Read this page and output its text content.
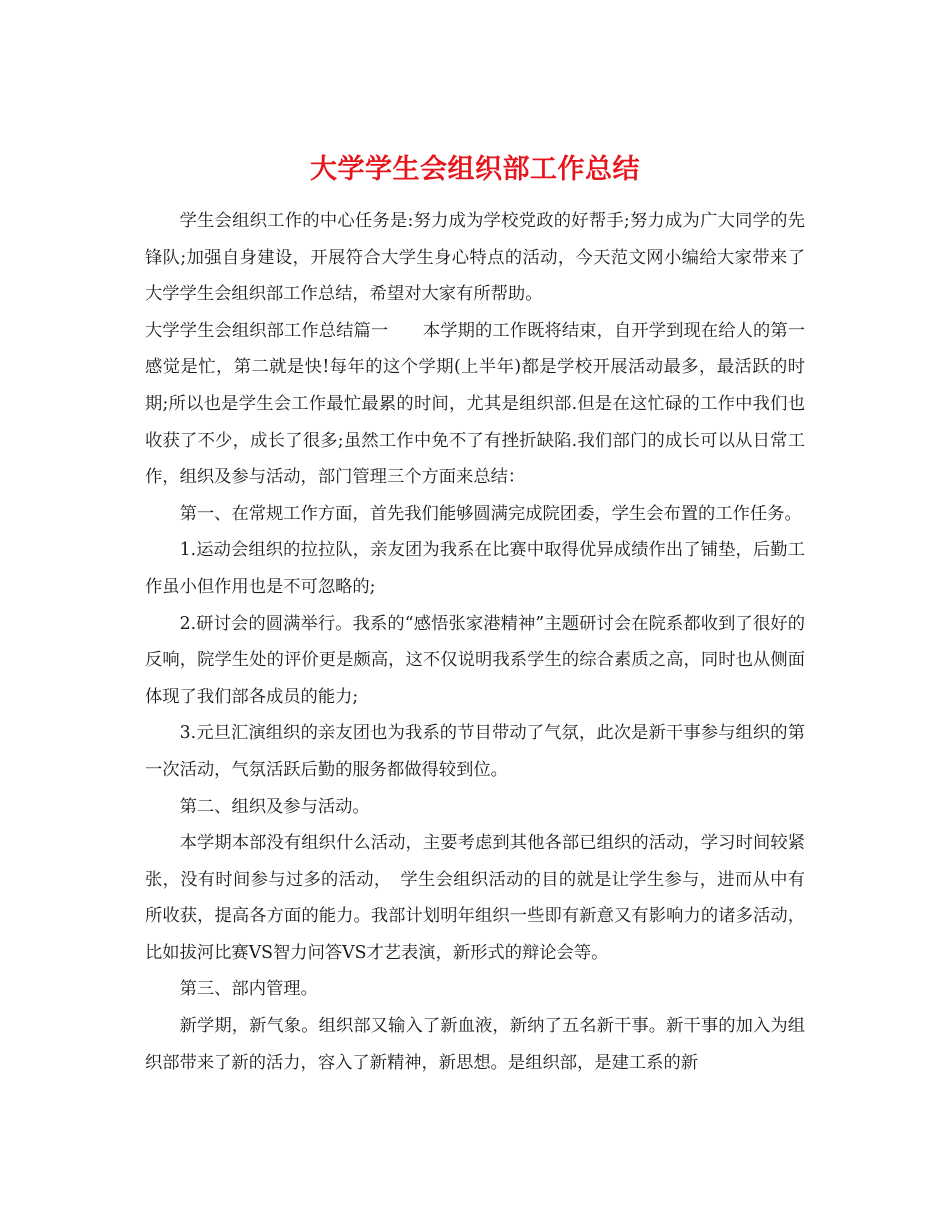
大学学生会组织部工作总结

学生会组织工作的中心任务是:努力成为学校党政的好帮手;努力成为广大同学的先锋队;加强自身建设，开展符合大学生身心特点的活动，今天范文网小编给大家带来了大学学生会组织部工作总结，希望对大家有所帮助。

大学学生会组织部工作总结篇一　　本学期的工作既将结束，自开学到现在给人的第一感觉是忙，第二就是快!每年的这个学期(上半年)都是学校开展活动最多，最活跃的时期;所以也是学生会工作最忙最累的时间，尤其是组织部.但是在这忙碌的工作中我们也收获了不少，成长了很多;虽然工作中免不了有挫折缺陷.我们部门的成长可以从日常工作，组织及参与活动，部门管理三个方面来总结：

第一、在常规工作方面，首先我们能够圆满完成院团委，学生会布置的工作任务。

1.运动会组织的拉拉队，亲友团为我系在比赛中取得优异成绩作出了铺垫，后勤工作虽小但作用也是不可忽略的;

2.研讨会的圆满举行。我系的“感悟张家港精神”主题研讨会在院系都收到了很好的反响，院学生处的评价更是颇高，这不仅说明我系学生的综合素质之高，同时也从侧面体现了我们部各成员的能力;

3.元旦汇演组织的亲友团也为我系的节目带动了气氛，此次是新干事参与组织的第一次活动，气氛活跃后勤的服务都做得较到位。

第二、组织及参与活动。

本学期本部没有组织什么活动，主要考虑到其他各部已组织的活动，学习时间较紧张，没有时间参与过多的活动，　学生会组织活动的目的就是让学生参与，进而从中有所收获，提高各方面的能力。我部计划明年组织一些即有新意又有影响力的诸多活动，比如拔河比赛VS智力问答VS才艺表演，新形式的辩论会等。

第三、部内管理。

新学期，新气象。组织部又输入了新血液，新纳了五名新干事。新干事的加入为组织部带来了新的活力，容入了新精神，新思想。是组织部，是建工系的新
